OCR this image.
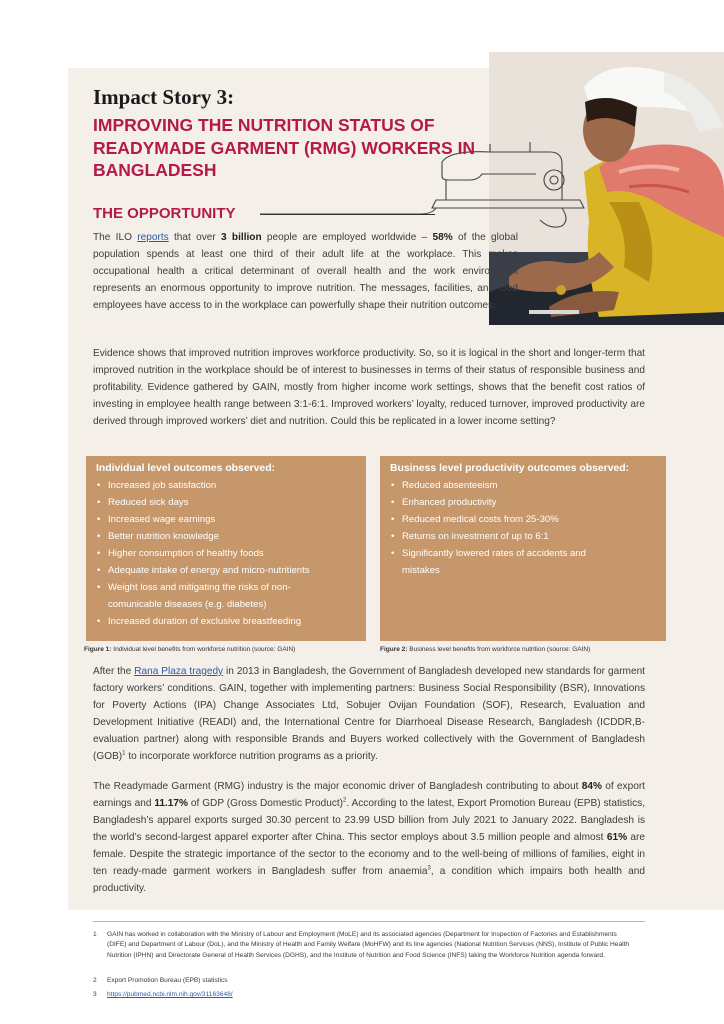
Impact Story 3:
IMPROVING THE NUTRITION STATUS OF READYMADE GARMENT (RMG) WORKERS IN BANGLADESH
THE OPPORTUNITY

The ILO reports that over 3 billion people are employed worldwide – 58% of the global population spends at least one third of their adult life at the workplace. This makes occupational health a critical determinant of overall health and the work environment represents an enormous opportunity to improve nutrition. The messages, facilities, and food employees have access to in the workplace can powerfully shape their nutrition outcomes.

Evidence shows that improved nutrition improves workforce productivity. So, so it is logical in the short and longer-term that improved nutrition in the workplace should be of interest to businesses in terms of their status of responsible business and profitability. Evidence gathered by GAIN, mostly from higher income work settings, shows that the benefit cost ratios of investing in employee health range between 3:1-6:1. Improved workers’ loyalty, reduced turnover, improved productivity are derived through improved workers’ diet and nutrition. Could this be replicated in a lower income setting?

Individual level outcomes observed:
• Increased job satisfaction
• Reduced sick days
• Increased wage earnings
• Better nutrition knowledge
• Higher consumption of healthy foods
• Adequate intake of energy and micro-nutritients
• Weight loss and mitigating the risks of non-comunicable diseases (e.g. diabetes)
• Increased duration of exclusive breastfeeding
Business level productivity outcomes observed:
• Reduced absenteeism
• Enhanced productivity
• Reduced medical costs from 25-30%
• Returns on investment of up to 6:1
• Significantly lowered rates of accidents and mistakes
Figure 1: Individual level benefits from workforce nutrition (source: GAIN)	Figure 2: Business level benefits from workforce nutrition (source: GAIN)

After the Rana Plaza tragedy in 2013 in Bangladesh, the Government of Bangladesh developed new standards for garment factory workers’ conditions. GAIN, together with implementing partners: Business Social Responsibility (BSR), Innovations for Poverty Actions (IPA) Change Associates Ltd, Sobujer Ovijan Foundation (SOF), Research, Evaluation and Development Initiative (READI) and, the International Centre for Diarrhoeal Disease Research, Bangladesh (ICDDR,B- evaluation partner) along with responsible Brands and Buyers worked collectively with the Government of Bangladesh (GOB)$^1$ to incorporate workforce nutrition programs as a priority.

The Readymade Garment (RMG) industry is the major economic driver of Bangladesh contributing to about 84% of export earnings and 11.17% of GDP (Gross Domestic Product)$^2$. According to the latest, Export Promotion Bureau (EPB) statistics, Bangladesh’s apparel exports surged 30.30 percent to 23.99 USD billion from July 2021 to January 2022. Bangladesh is the world’s second-largest apparel exporter after China. This sector employs about 3.5 million people and almost 61% are female. Despite the strategic importance of the sector to the economy and to the well-being of millions of families, eight in ten ready-made garment workers in Bangladesh suffer from anaemia$^3$, a condition which impairs both health and productivity.

1 GAIN has worked in collaboration with the Ministry of Labour and Employment (MoLE) and its associated agencies (Department for Inspection of Factories and Establishments (DIFE) and Department of Labour (DoL), and the Ministry of Health and Family Welfare (MoHFW) and its line agencies (National Nutrition Services (NNS), Institute of Public Health Nutrition (IPHN) and Directorate General of Health Services (DGHS), and the Institute of Nutrition and Food Science (INFS) taking the Workforce Nutrition agenda forward.
2 Export Promotion Bureau (EPB) statistics
3 https://pubmed.ncbi.nlm.nih.gov/31163648/
